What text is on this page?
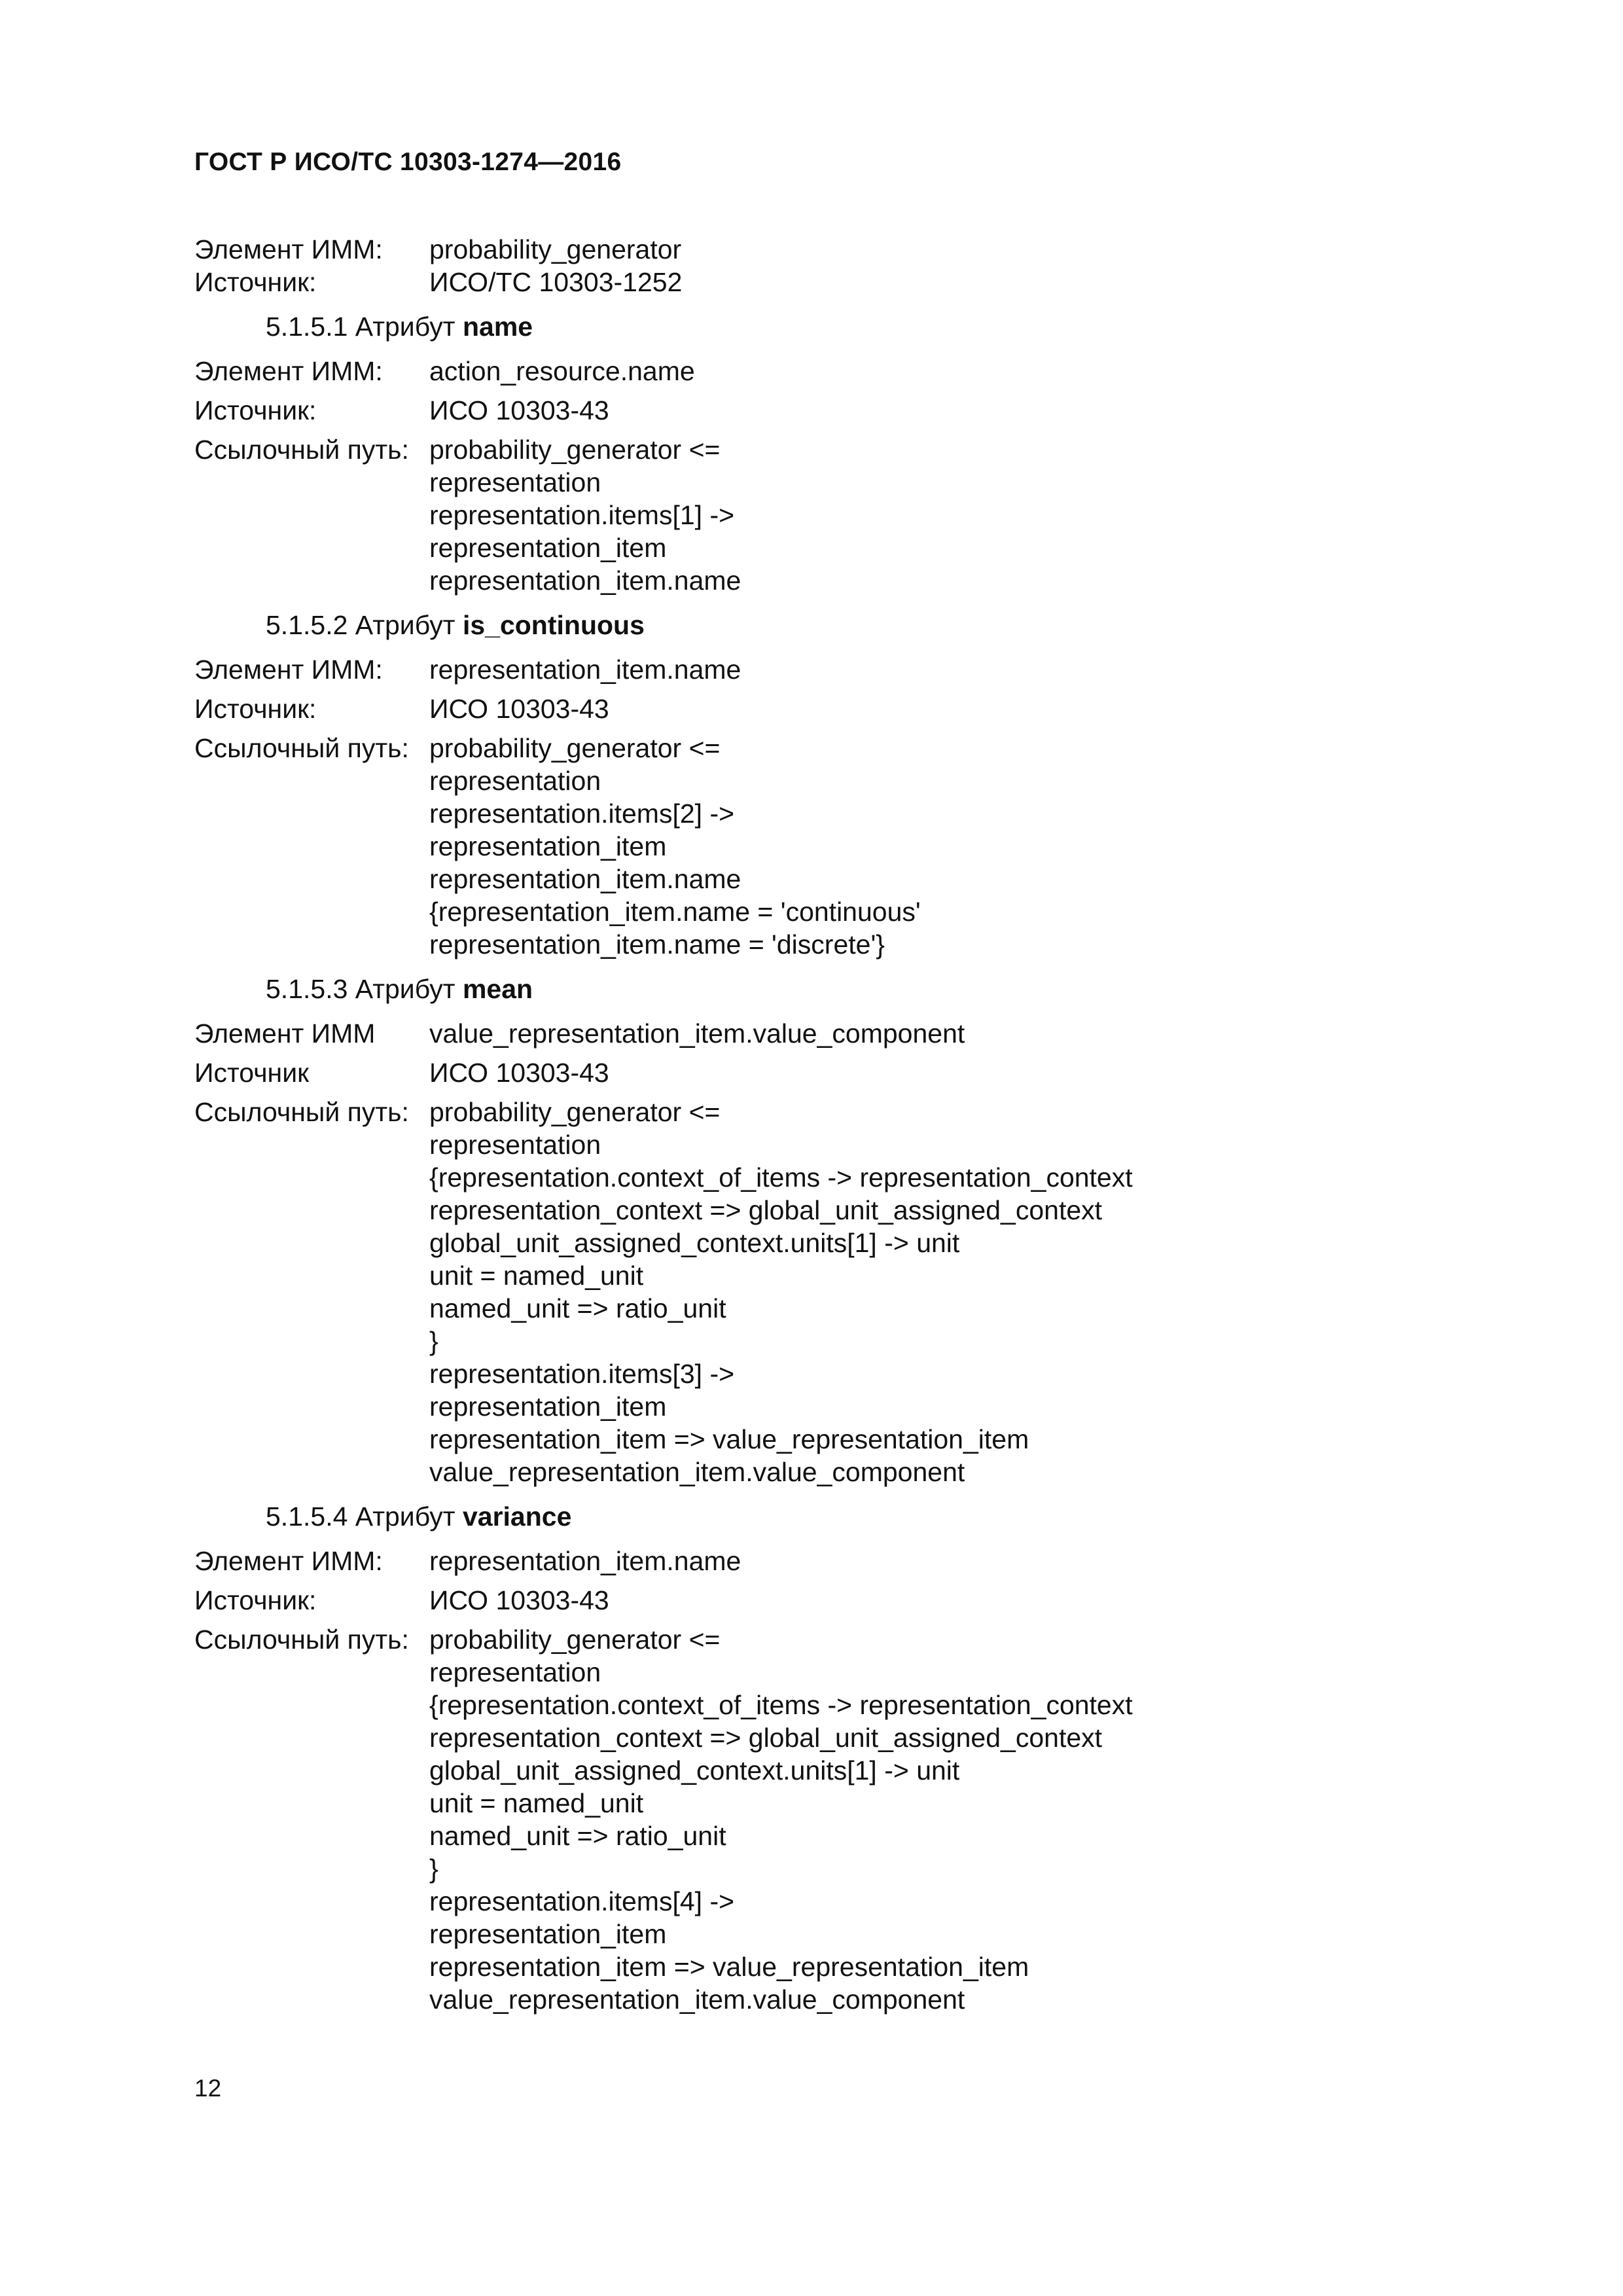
ГОСТ Р ИСО/ТС 10303-1274—2016
Элемент ИММ:	probability_generator
Источник:	ИСО/ТС 10303-1252
5.1.5.1 Атрибут name
Элемент ИММ:	action_resource.name
Источник:	ИСО 10303-43
Ссылочный путь: probability_generator <=
representation
representation.items[1] ->
representation_item
representation_item.name
5.1.5.2 Атрибут is_continuous
Элемент ИММ:	representation_item.name
Источник:	ИСО 10303-43
Ссылочный путь: probability_generator <=
representation
representation.items[2] ->
representation_item
representation_item.name
{representation_item.name = 'continuous'
representation_item.name = 'discrete'}
5.1.5.3 Атрибут mean
Элемент ИММ	value_representation_item.value_component
Источник	ИСО 10303-43
Ссылочный путь: probability_generator <=
representation
{representation.context_of_items -> representation_context
representation_context => global_unit_assigned_context
global_unit_assigned_context.units[1] -> unit
unit = named_unit
named_unit => ratio_unit
}
representation.items[3] ->
representation_item
representation_item => value_representation_item
value_representation_item.value_component
5.1.5.4 Атрибут variance
Элемент ИММ:	representation_item.name
Источник:	ИСО 10303-43
Ссылочный путь: probability_generator <=
representation
{representation.context_of_items -> representation_context
representation_context => global_unit_assigned_context
global_unit_assigned_context.units[1] -> unit
unit = named_unit
named_unit => ratio_unit
}
representation.items[4] ->
representation_item
representation_item => value_representation_item
value_representation_item.value_component
12
